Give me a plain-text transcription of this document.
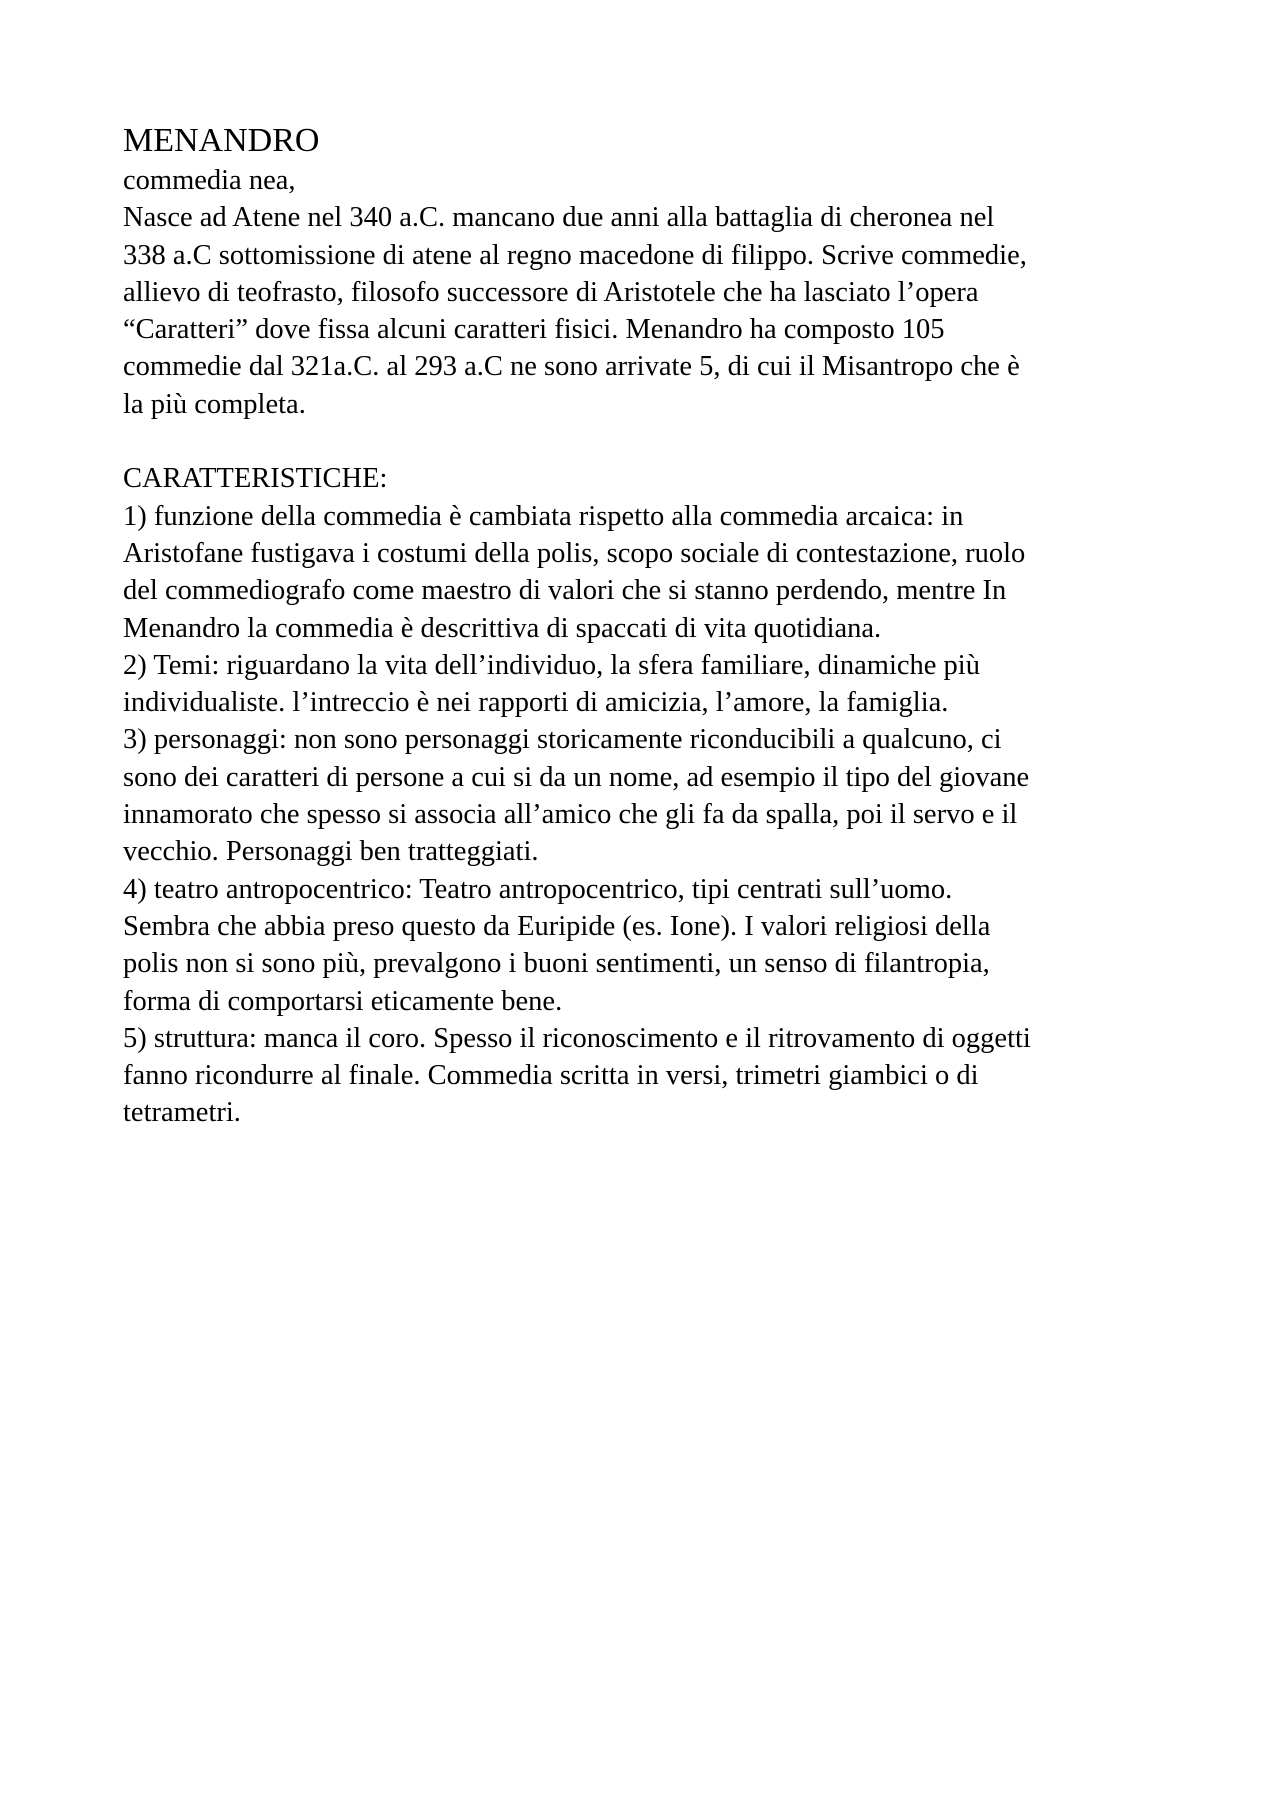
MENANDRO

commedia nea,

Nasce ad Atene nel 340 a.C. mancano due anni alla battaglia di cheronea nel

338 a.C sottomissione di atene al regno macedone di filippo. Scrive commedie,

allievo di teofrasto, filosofo successore di Aristotele che ha lasciato l’opera

“Caratteri” dove fissa alcuni caratteri fisici. Menandro ha composto 105

commedie dal 321a.C. al 293 a.C ne sono arrivate 5, di cui il Misantropo che è

la più completa.

CARATTERISTICHE:

1) funzione della commedia è cambiata rispetto alla commedia arcaica: in

Aristofane fustigava i costumi della polis, scopo sociale di contestazione, ruolo

del commediografo come maestro di valori che si stanno perdendo, mentre In

Menandro la commedia è descrittiva di spaccati di vita quotidiana.

2) Temi: riguardano la vita dell’individuo, la sfera familiare, dinamiche più

individualiste. l’intreccio è nei rapporti di amicizia, l’amore, la famiglia.

3) personaggi: non sono personaggi storicamente riconducibili a qualcuno, ci

sono dei caratteri di persone a cui si da un nome, ad esempio il tipo del giovane

innamorato che spesso si associa all’amico che gli fa da spalla, poi il servo e il

vecchio. Personaggi ben tratteggiati.

4) teatro antropocentrico: Teatro antropocentrico, tipi centrati sull’uomo.

Sembra che abbia preso questo da Euripide (es. Ione). I valori religiosi della

polis non si sono più, prevalgono i buoni sentimenti, un senso di filantropia,

forma di comportarsi eticamente bene.

5) struttura: manca il coro. Spesso il riconoscimento e il ritrovamento di oggetti

fanno ricondurre al finale. Commedia scritta in versi, trimetri giambici o di

tetrametri.
